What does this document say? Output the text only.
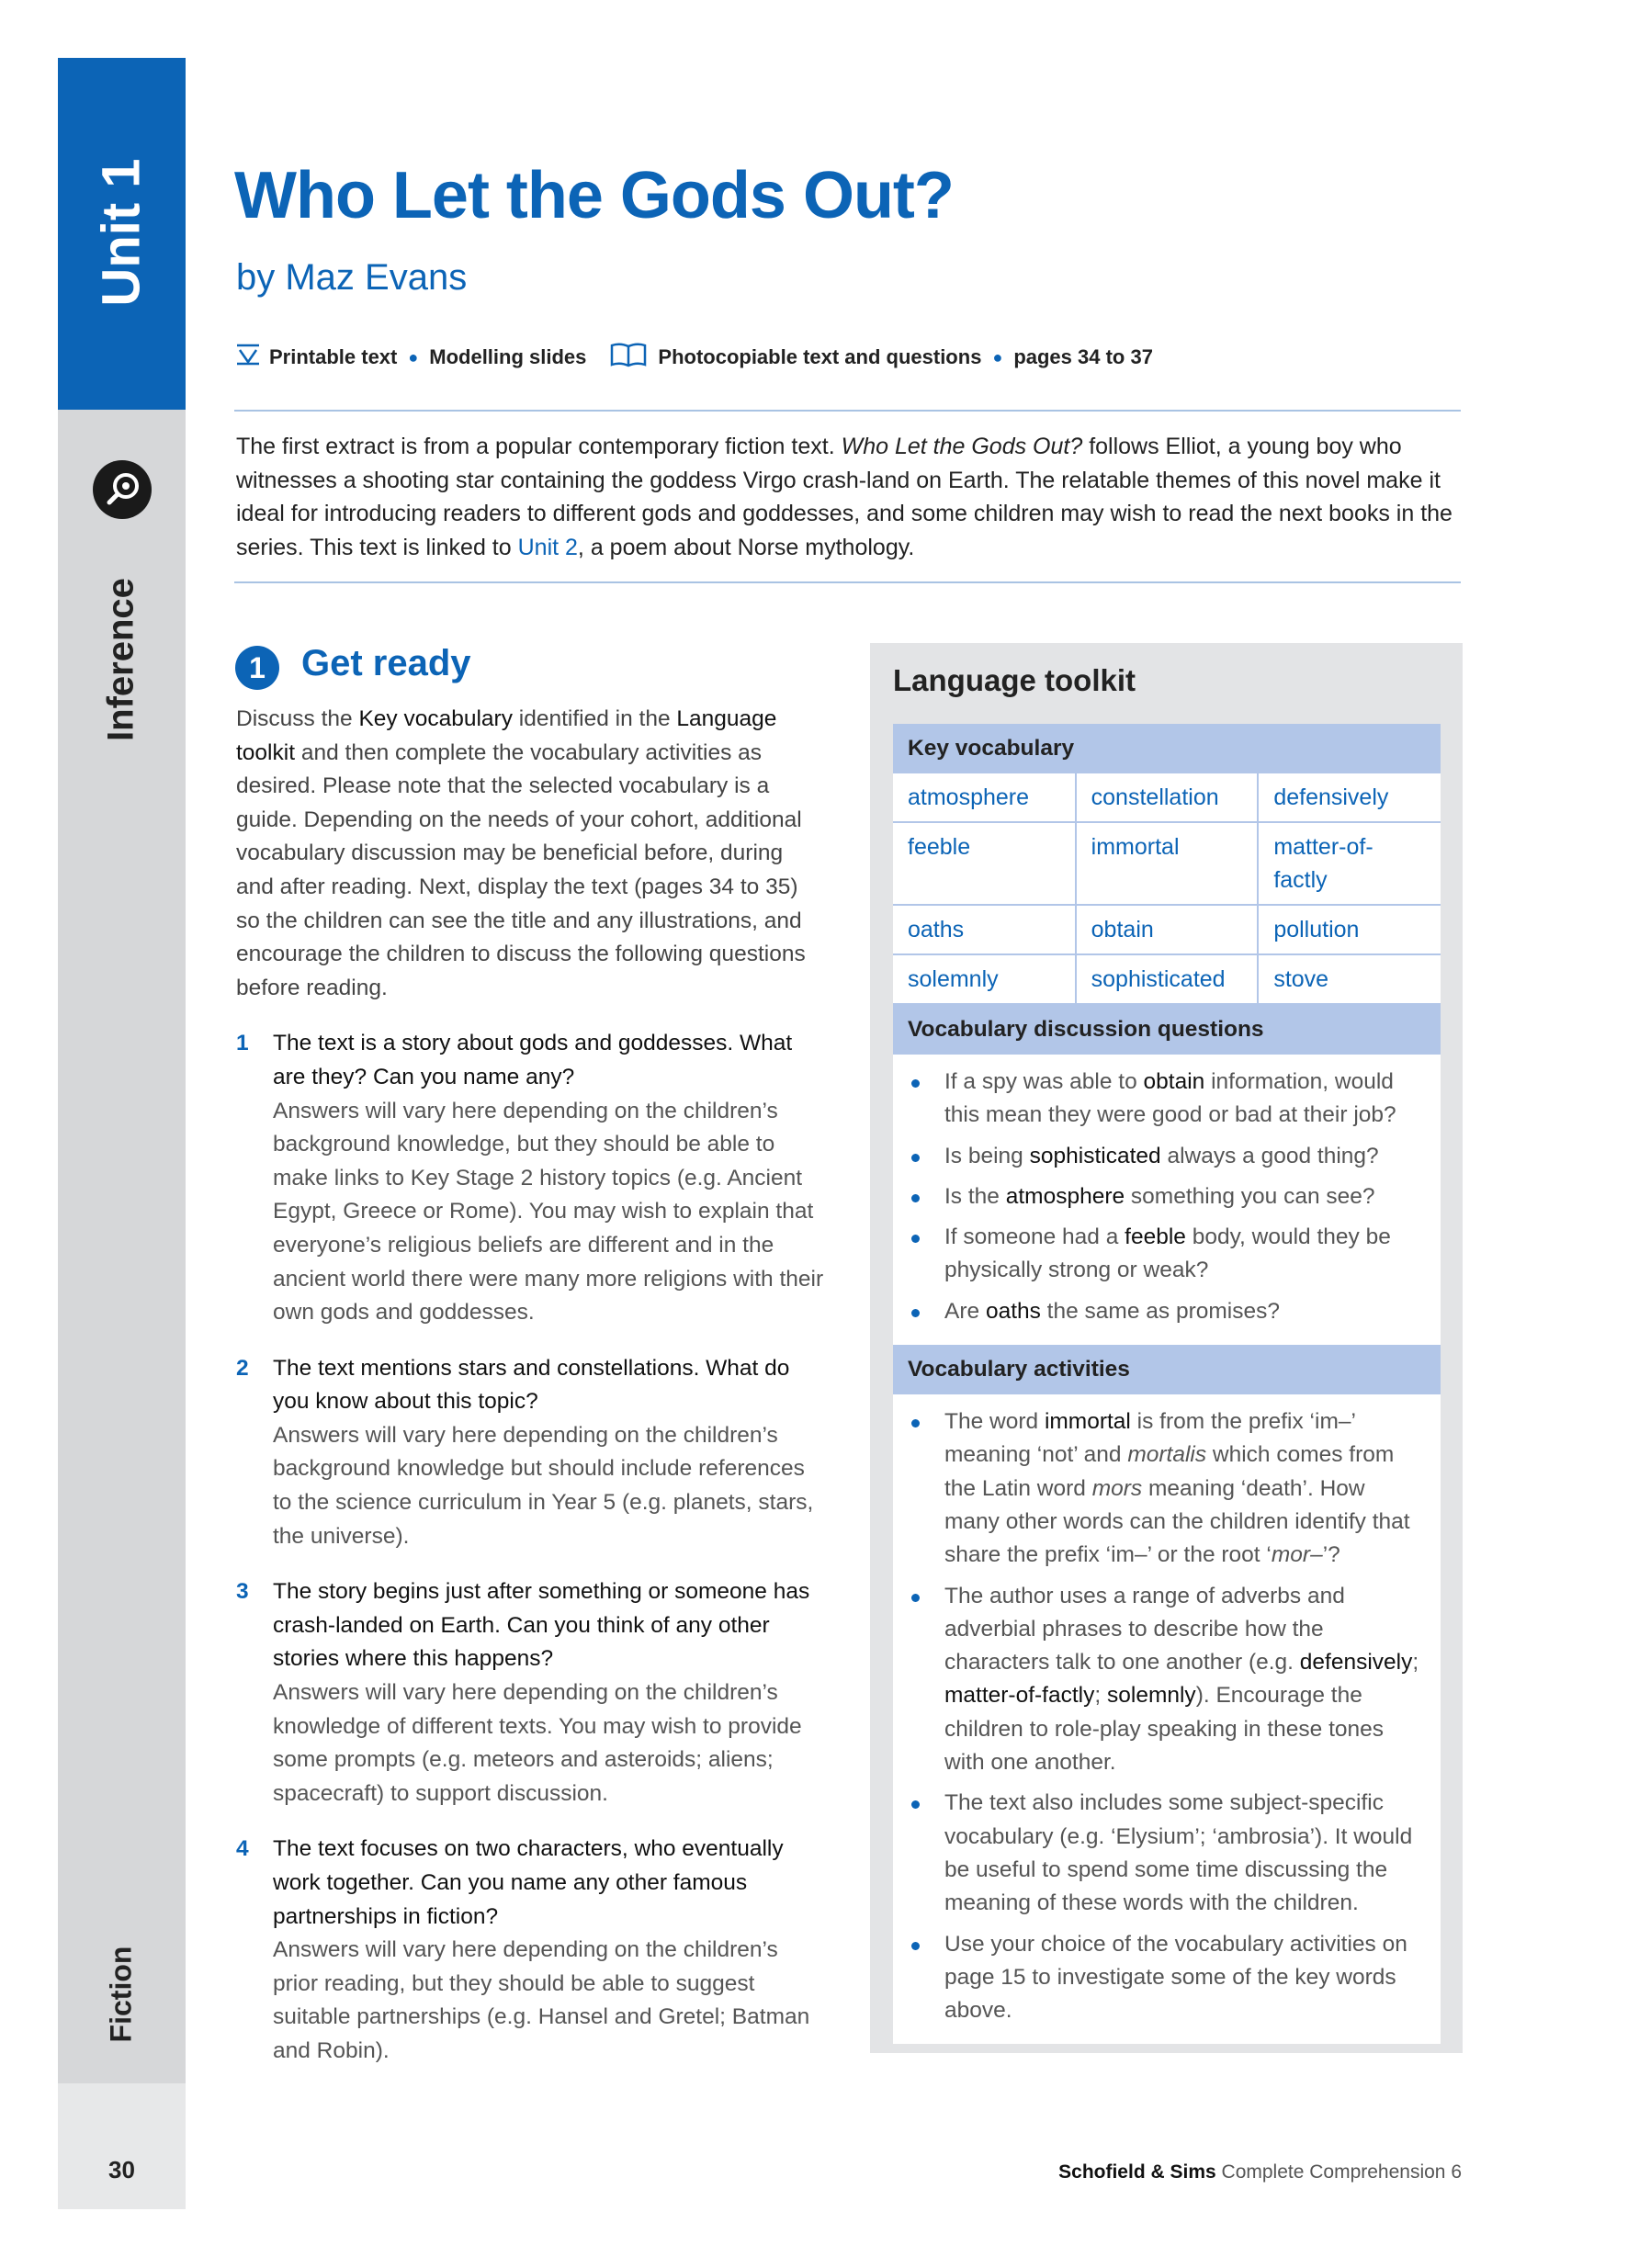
Unit 1
Inference
Fiction
30
Who Let the Gods Out?
by Maz Evans
Printable text ● Modelling slides	Photocopiable text and questions ● pages 34 to 37

The first extract is from a popular contemporary fiction text. Who Let the Gods Out? follows Elliot, a young boy who witnesses a shooting star containing the goddess Virgo crash-land on Earth. The relatable themes of this novel make it ideal for introducing readers to different gods and goddesses, and some children may wish to read the next books in the series. This text is linked to Unit 2, a poem about Norse mythology.

1 Get ready
Discuss the Key vocabulary identified in the Language toolkit and then complete the vocabulary activities as desired. Please note that the selected vocabulary is a guide. Depending on the needs of your cohort, additional vocabulary discussion may be beneficial before, during and after reading. Next, display the text (pages 34 to 35) so the children can see the title and any illustrations, and encourage the children to discuss the following questions before reading.
1 The text is a story about gods and goddesses. What are they? Can you name any?
Answers will vary here depending on the children’s background knowledge, but they should be able to make links to Key Stage 2 history topics (e.g. Ancient Egypt, Greece or Rome). You may wish to explain that everyone’s religious beliefs are different and in the ancient world there were many more religions with their own gods and goddesses.
2 The text mentions stars and constellations. What do you know about this topic?
Answers will vary here depending on the children’s background knowledge but should include references to the science curriculum in Year 5 (e.g. planets, stars, the universe).
3 The story begins just after something or someone has crash-landed on Earth. Can you think of any other stories where this happens?
Answers will vary here depending on the children’s knowledge of different texts. You may wish to provide some prompts (e.g. meteors and asteroids; aliens; spacecraft) to support discussion.
4 The text focuses on two characters, who eventually work together. Can you name any other famous partnerships in fiction?
Answers will vary here depending on the children’s prior reading, but they should be able to suggest suitable partnerships (e.g. Hansel and Gretel; Batman and Robin).
Language toolkit
Key vocabulary
atmosphere	constellation	defensively
feeble	immortal	matter-of-factly
oaths	obtain	pollution
solemnly	sophisticated	stove
Vocabulary discussion questions
If a spy was able to obtain information, would this mean they were good or bad at their job?
Is being sophisticated always a good thing?
Is the atmosphere something you can see?
If someone had a feeble body, would they be physically strong or weak?
Are oaths the same as promises?
Vocabulary activities
The word immortal is from the prefix ‘im–’ meaning ‘not’ and mortalis which comes from the Latin word mors meaning ‘death’. How many other words can the children identify that share the prefix ‘im–’ or the root ‘mor–’?
The author uses a range of adverbs and adverbial phrases to describe how the characters talk to one another (e.g. defensively; matter-of-factly; solemnly). Encourage the children to role-play speaking in these tones with one another.
The text also includes some subject-specific vocabulary (e.g. ‘Elysium’; ‘ambrosia’). It would be useful to spend some time discussing the meaning of these words with the children.
Use your choice of the vocabulary activities on page 15 to investigate some of the key words above.
Schofield & Sims Complete Comprehension 6
